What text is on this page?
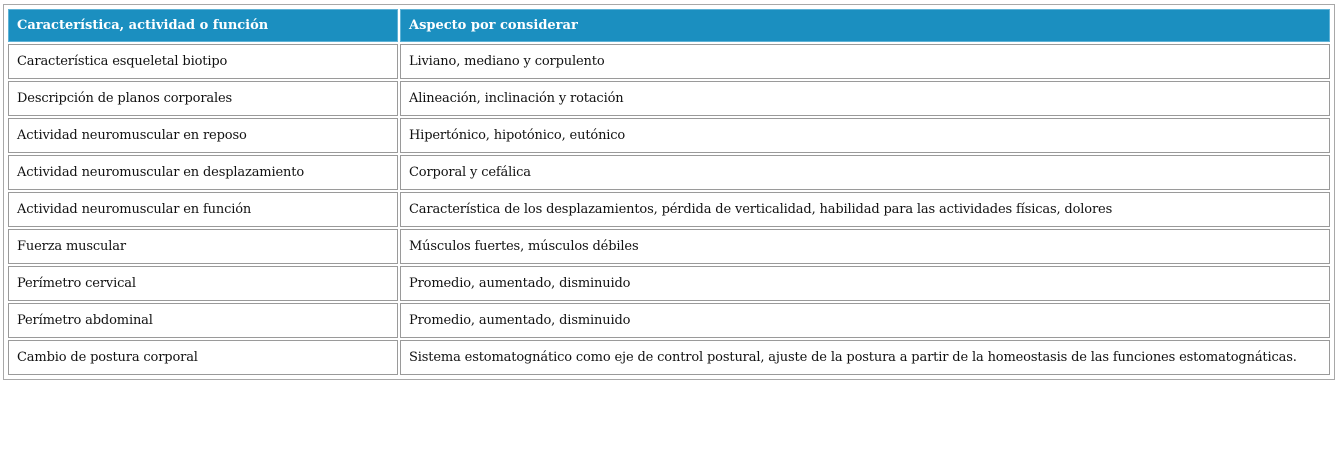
Característica, actividad o función	Aspecto por considerar
Característica esqueletal biotipo	Liviano, mediano y corpulento
Descripción de planos corporales	Alineación, inclinación y rotación
Actividad neuromuscular en reposo	Hipertónico, hipotónico, eutónico
Actividad neuromuscular en desplazamiento	Corporal y cefálica
Actividad neuromuscular en función	Característica de los desplazamientos, pérdida de verticalidad, habilidad para las actividades físicas, dolores
Fuerza muscular	Músculos fuertes, músculos débiles
Perímetro cervical	Promedio, aumentado, disminuido
Perímetro abdominal	Promedio, aumentado, disminuido
Cambio de postura corporal	Sistema estomatognático como eje de control postural, ajuste de la postura a partir de la homeostasis de las funciones estomatognáticas.
